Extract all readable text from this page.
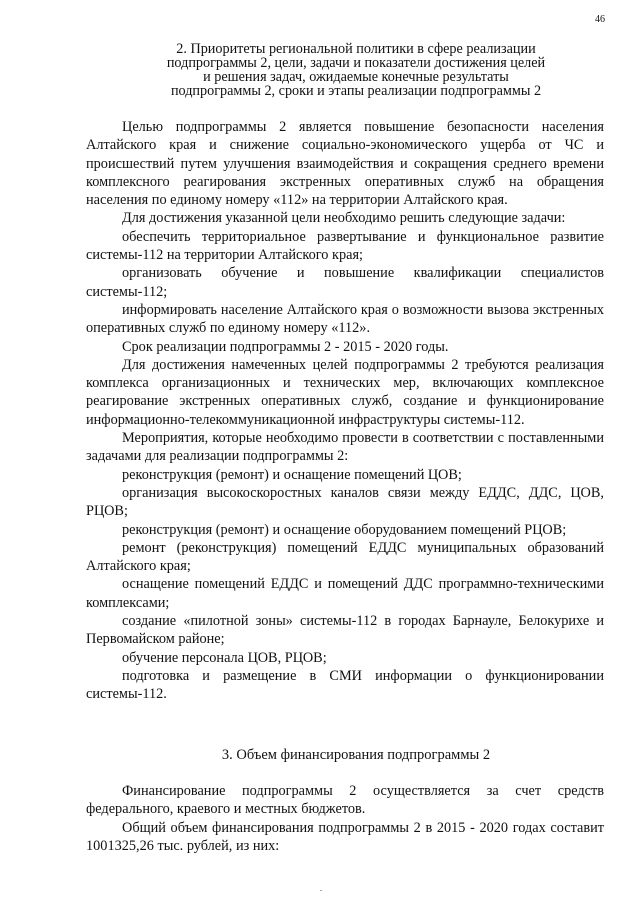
46
2. Приоритеты региональной политики в сфере реализации
подпрограммы 2, цели, задачи и показатели достижения целей
и решения задач, ожидаемые конечные результаты
подпрограммы 2, сроки и этапы реализации подпрограммы 2

Целью подпрограммы 2 является повышение безопасности населения Алтайского края и снижение социально-экономического ущерба от ЧС и происшествий путем улучшения взаимодействия и сокращения среднего времени комплексного реагирования экстренных оперативных служб на обращения населения по единому номеру «112» на территории Алтайского края.

Для достижения указанной цели необходимо решить следующие задачи:

обеспечить территориальное развертывание и функциональное развитие системы-112 на территории Алтайского края;

организовать обучение и повышение квалификации специалистов системы-112;

информировать население Алтайского края о возможности вызова экстренных оперативных служб по единому номеру «112».

Срок реализации подпрограммы 2 - 2015 - 2020 годы.

Для достижения намеченных целей подпрограммы 2 требуются реализация комплекса организационных и технических мер, включающих комплексное реагирование экстренных оперативных служб, создание и функционирование информационно-телекоммуникационной инфраструктуры системы-112.

Мероприятия, которые необходимо провести в соответствии с поставленными задачами для реализации подпрограммы 2:

реконструкция (ремонт) и оснащение помещений ЦОВ;

организация высокоскоростных каналов связи между ЕДДС, ДДС, ЦОВ, РЦОВ;

реконструкция (ремонт) и оснащение оборудованием помещений РЦОВ;

ремонт (реконструкция) помещений ЕДДС муниципальных образований Алтайского края;

оснащение помещений ЕДДС и помещений ДДС программно-техническими комплексами;

создание «пилотной зоны» системы-112 в городах Барнауле, Белокурихе и Первомайском районе;

обучение персонала ЦОВ, РЦОВ;

подготовка и размещение в СМИ информации о функционировании системы-112.

3. Объем финансирования подпрограммы 2

Финансирование подпрограммы 2 осуществляется за счет средств федерального, краевого и местных бюджетов.

Общий объем финансирования подпрограммы 2 в 2015 - 2020 годах составит 1001325,26 тыс. рублей, из них:

.
